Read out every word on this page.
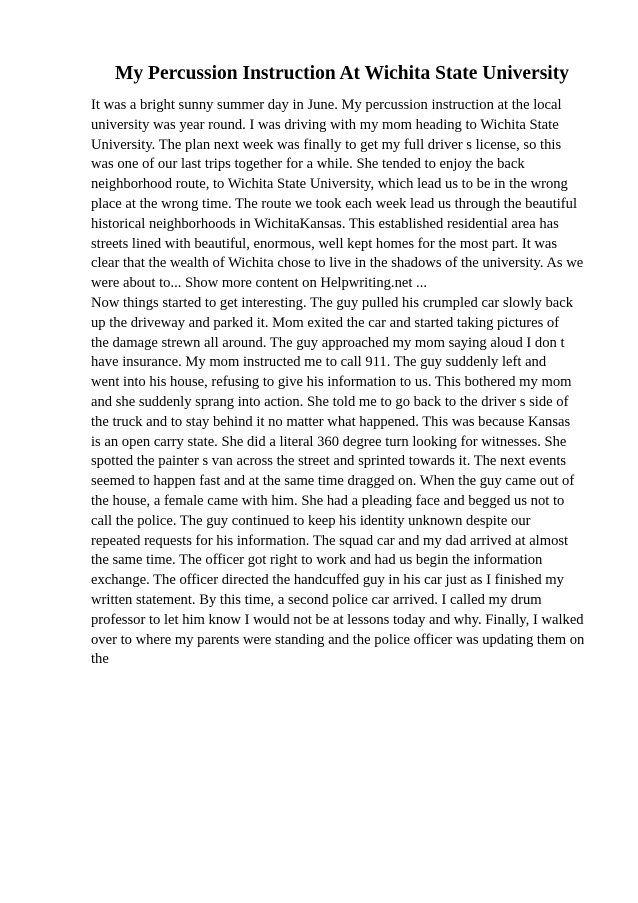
My Percussion Instruction At Wichita State University
It was a bright sunny summer day in June. My percussion instruction at the local
university was year round. I was driving with my mom heading to Wichita State
University. The plan next week was finally to get my full driver s license, so this
was one of our last trips together for a while. She tended to enjoy the back
neighborhood route, to Wichita State University, which lead us to be in the wrong
place at the wrong time. The route we took each week lead us through the beautiful
historical neighborhoods in WichitaKansas. This established residential area has
streets lined with beautiful, enormous, well kept homes for the most part. It was
clear that the wealth of Wichita chose to live in the shadows of the university. As we
were about to... Show more content on Helpwriting.net ...
Now things started to get interesting. The guy pulled his crumpled car slowly back
up the driveway and parked it. Mom exited the car and started taking pictures of
the damage strewn all around. The guy approached my mom saying aloud I don t
have insurance. My mom instructed me to call 911. The guy suddenly left and
went into his house, refusing to give his information to us. This bothered my mom
and she suddenly sprang into action. She told me to go back to the driver s side of
the truck and to stay behind it no matter what happened. This was because Kansas
is an open carry state. She did a literal 360 degree turn looking for witnesses. She
spotted the painter s van across the street and sprinted towards it. The next events
seemed to happen fast and at the same time dragged on. When the guy came out of
the house, a female came with him. She had a pleading face and begged us not to
call the police. The guy continued to keep his identity unknown despite our
repeated requests for his information. The squad car and my dad arrived at almost
the same time. The officer got right to work and had us begin the information
exchange. The officer directed the handcuffed guy in his car just as I finished my
written statement. By this time, a second police car arrived. I called my drum
professor to let him know I would not be at lessons today and why. Finally, I walked
over to where my parents were standing and the police officer was updating them on
the
